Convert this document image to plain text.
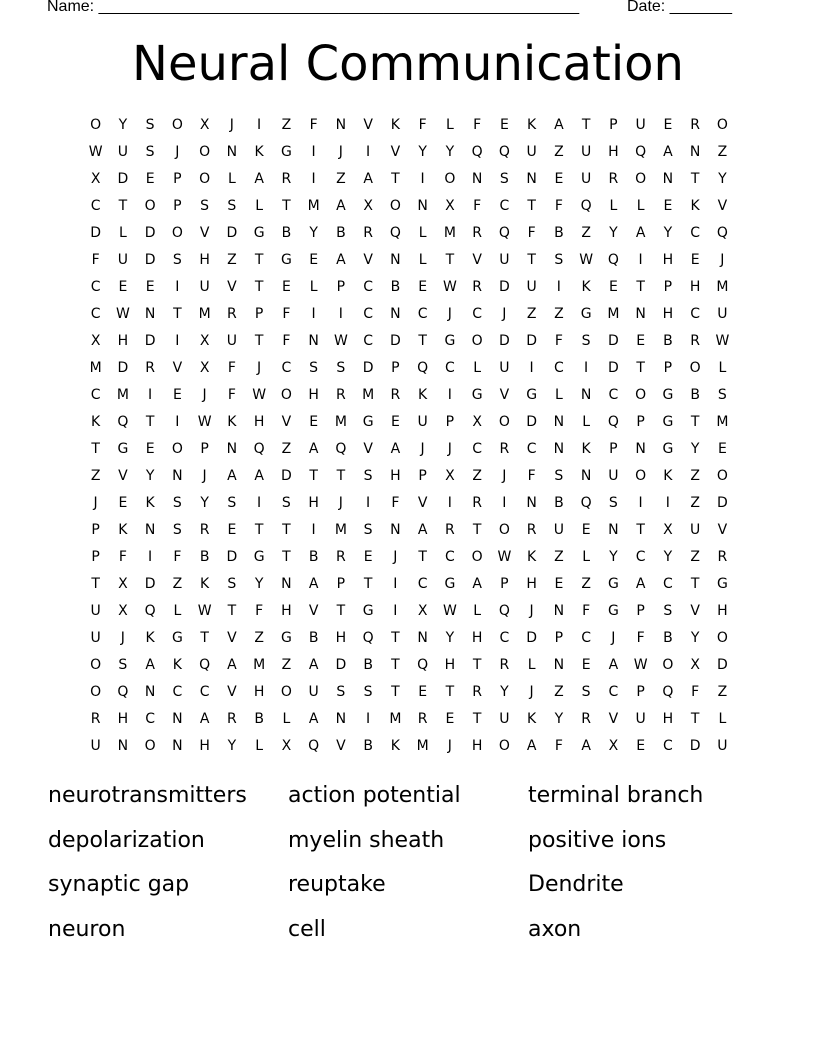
Name: ______________________________________________________	Date: _______
Neural Communication
O	Y	S	O	X	J	I	Z	F	N	V	K	F	L	F	E	K	A	T	P	U	E	R	O
W	U	S	J	O	N	K	G	I	J	I	V	Y	Y	Q	Q	U	Z	U	H	Q	A	N	Z
X	D	E	P	O	L	A	R	I	Z	A	T	I	O	N	S	N	E	U	R	O	N	T	Y
C	T	O	P	S	S	L	T	M	A	X	O	N	X	F	C	T	F	Q	L	L	E	K	V
D	L	D	O	V	D	G	B	Y	B	R	Q	L	M	R	Q	F	B	Z	Y	A	Y	C	Q
F	U	D	S	H	Z	T	G	E	A	V	N	L	T	V	U	T	S	W	Q	I	H	E	J
C	E	E	I	U	V	T	E	L	P	C	B	E	W	R	D	U	I	K	E	T	P	H	M
C	W	N	T	M	R	P	F	I	I	C	N	C	J	C	J	Z	Z	G	M	N	H	C	U
X	H	D	I	X	U	T	F	N	W	C	D	T	G	O	D	D	F	S	D	E	B	R	W
M	D	R	V	X	F	J	C	S	S	D	P	Q	C	L	U	I	C	I	D	T	P	O	L
C	M	I	E	J	F	W	O	H	R	M	R	K	I	G	V	G	L	N	C	O	G	B	S
K	Q	T	I	W	K	H	V	E	M	G	E	U	P	X	O	D	N	L	Q	P	G	T	M
T	G	E	O	P	N	Q	Z	A	Q	V	A	J	J	C	R	C	N	K	P	N	G	Y	E
Z	V	Y	N	J	A	A	D	T	T	S	H	P	X	Z	J	F	S	N	U	O	K	Z	O
J	E	K	S	Y	S	I	S	H	J	I	F	V	I	R	I	N	B	Q	S	I	I	Z	D
P	K	N	S	R	E	T	T	I	M	S	N	A	R	T	O	R	U	E	N	T	X	U	V
P	F	I	F	B	D	G	T	B	R	E	J	T	C	O	W	K	Z	L	Y	C	Y	Z	R
T	X	D	Z	K	S	Y	N	A	P	T	I	C	G	A	P	H	E	Z	G	A	C	T	G
U	X	Q	L	W	T	F	H	V	T	G	I	X	W	L	Q	J	N	F	G	P	S	V	H
U	J	K	G	T	V	Z	G	B	H	Q	T	N	Y	H	C	D	P	C	J	F	B	Y	O
O	S	A	K	Q	A	M	Z	A	D	B	T	Q	H	T	R	L	N	E	A	W	O	X	D
O	Q	N	C	C	V	H	O	U	S	S	T	E	T	R	Y	J	Z	S	C	P	Q	F	Z
R	H	C	N	A	R	B	L	A	N	I	M	R	E	T	U	K	Y	R	V	U	H	T	L
U	N	O	N	H	Y	L	X	Q	V	B	K	M	J	H	O	A	F	A	X	E	C	D	U
neurotransmitters	action potential	terminal branch
depolarization	myelin sheath	positive ions
synaptic gap	reuptake	Dendrite
neuron	cell	axon
